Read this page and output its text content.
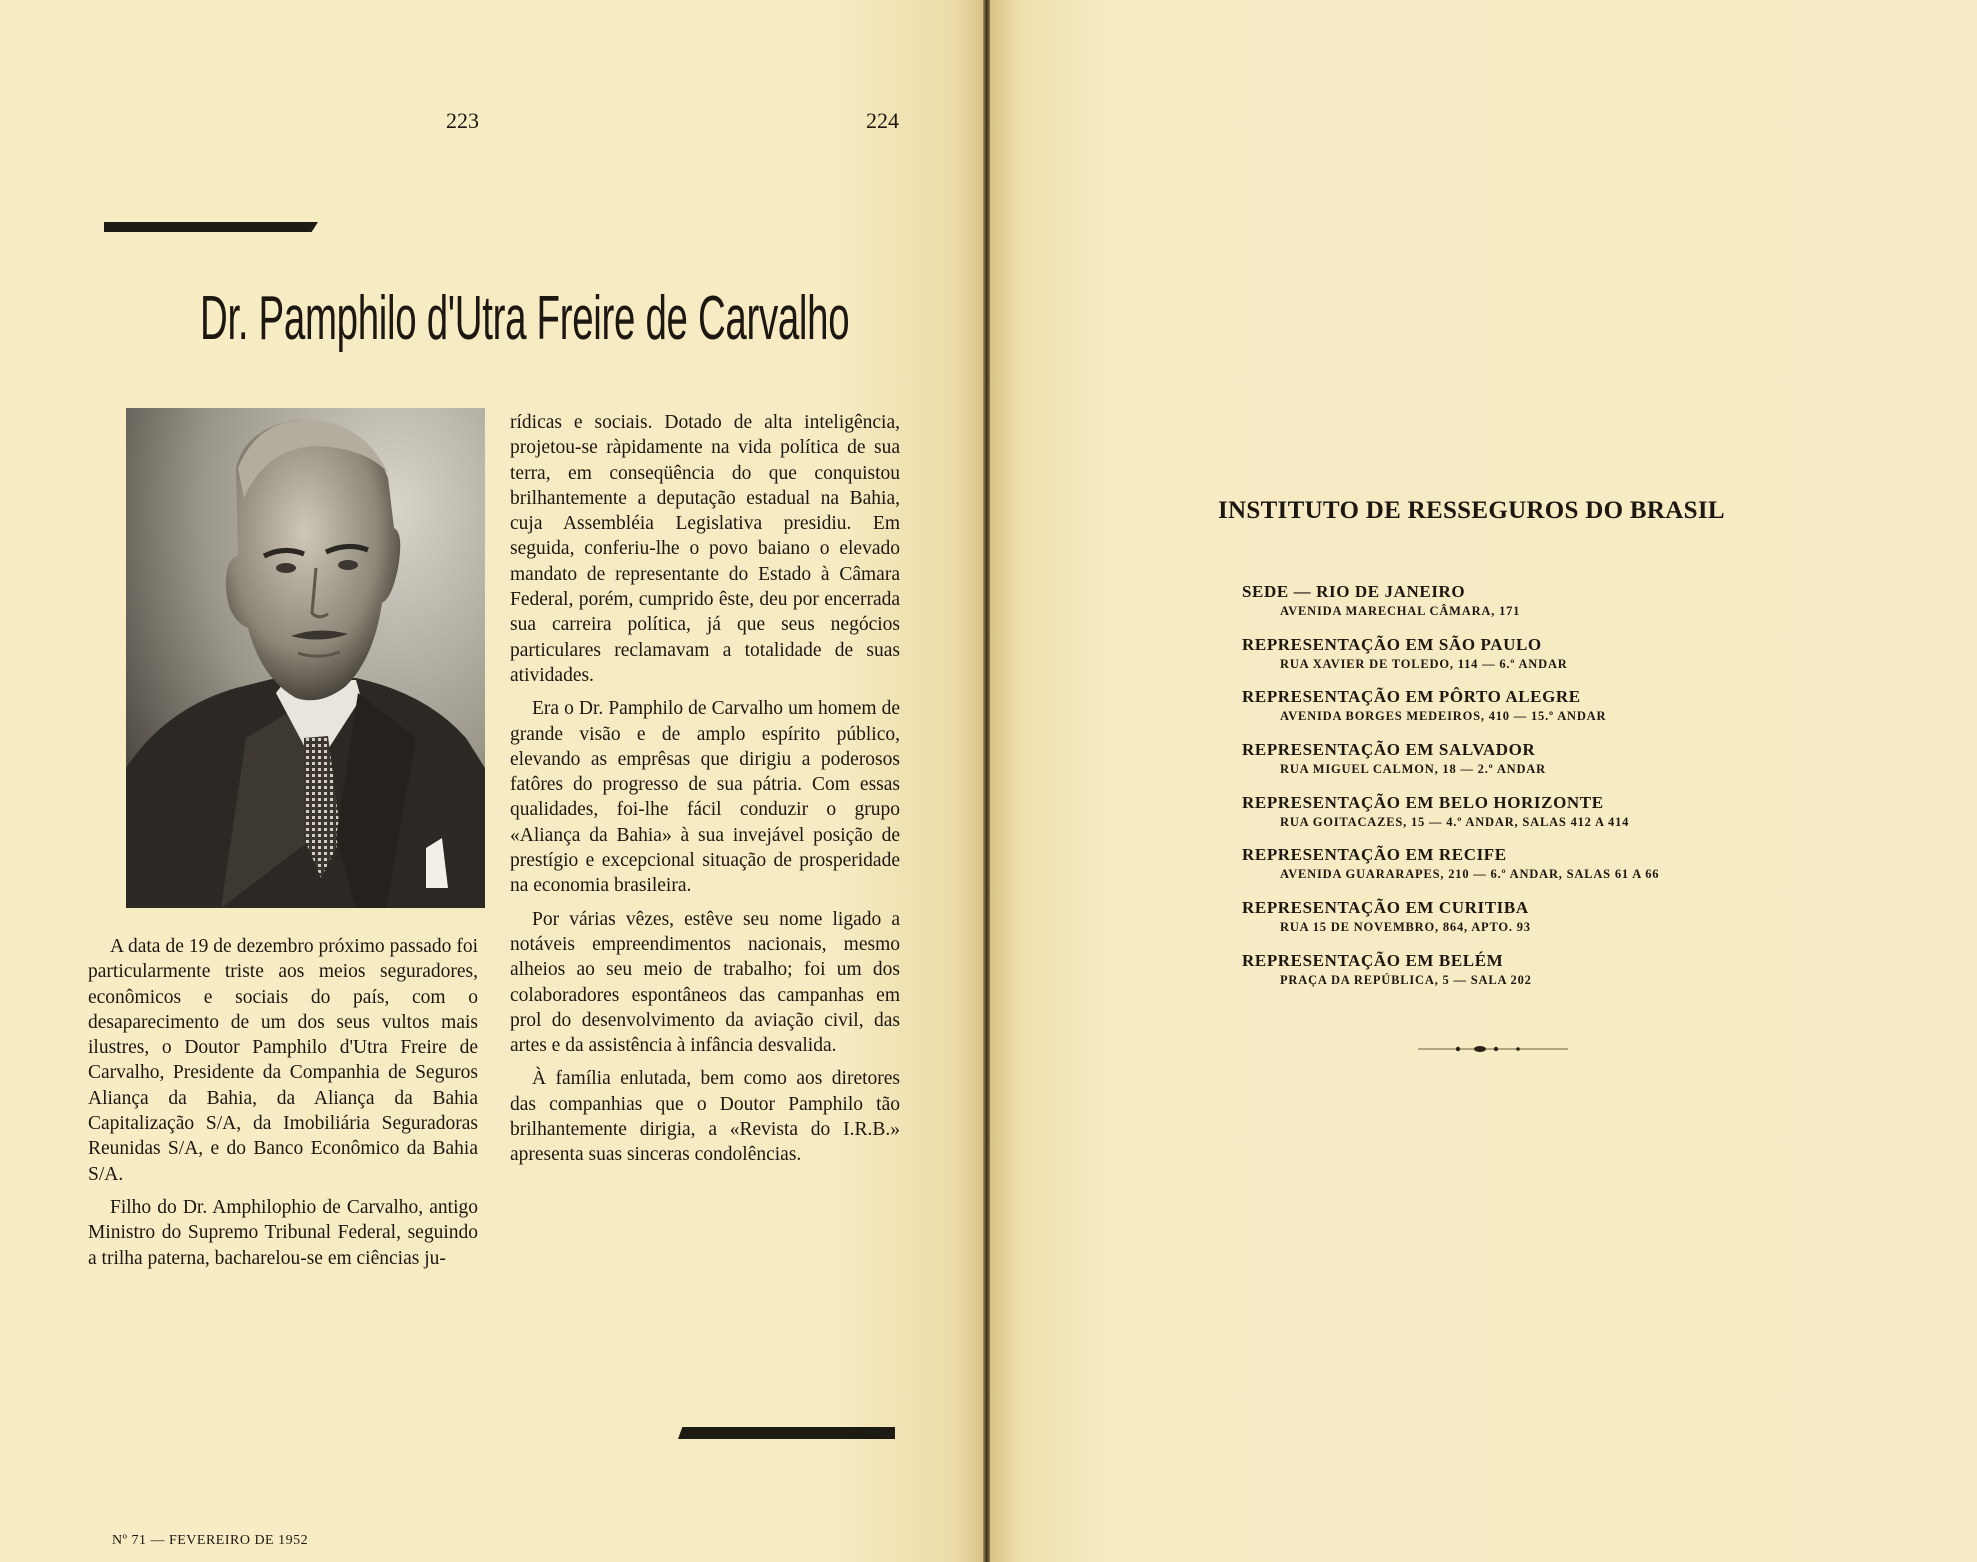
223	224
Dr. Pamphilo d'Utra Freire de Carvalho

A data de 19 de dezembro próximo passado foi particularmente triste aos meios seguradores, econômicos e sociais do país, com o desaparecimento de um dos seus vultos mais ilustres, o Doutor Pamphilo d'Utra Freire de Carvalho, Presidente da Companhia de Seguros Aliança da Bahia, da Aliança da Bahia Capitalização S/A, da Imobiliária Seguradoras Reunidas S/A, e do Banco Econômico da Bahia S/A.

Filho do Dr. Amphilophio de Carvalho, antigo Ministro do Supremo Tribunal Federal, seguindo a trilha paterna, bacharelou-se em ciências ju-

rídicas e sociais. Dotado de alta inteligência, projetou-se ràpidamente na vida política de sua terra, em conseqüência do que conquistou brilhantemente a deputação estadual na Bahia, cuja Assembléia Legislativa presidiu. Em seguida, conferiu-lhe o povo baiano o elevado mandato de representante do Estado à Câmara Federal, porém, cumprido êste, deu por encerrada sua carreira política, já que seus negócios particulares reclamavam a totalidade de suas atividades.

Era o Dr. Pamphilo de Carvalho um homem de grande visão e de amplo espírito público, elevando as emprêsas que dirigiu a poderosos fatôres do progresso de sua pátria. Com essas qualidades, foi-lhe fácil conduzir o grupo «Aliança da Bahia» à sua invejável posição de prestígio e excepcional situação de prosperidade na economia brasileira.

Por várias vêzes, estêve seu nome ligado a notáveis empreendimentos nacionais, mesmo alheios ao seu meio de trabalho; foi um dos colaboradores espontâneos das campanhas em prol do desenvolvimento da aviação civil, das artes e da assistência à infância desvalida.

À família enlutada, bem como aos diretores das companhias que o Doutor Pamphilo tão brilhantemente dirigia, a «Revista do I.R.B.» apresenta suas sinceras condolências.

Nº 71 — FEVEREIRO DE 1952
INSTITUTO DE RESSEGUROS DO BRASIL
SEDE — RIO DE JANEIRO
AVENIDA MARECHAL CÂMARA, 171
REPRESENTAÇÃO EM SÃO PAULO
RUA XAVIER DE TOLEDO, 114 — 6.º ANDAR
REPRESENTAÇÃO EM PÔRTO ALEGRE
AVENIDA BORGES MEDEIROS, 410 — 15.º ANDAR
REPRESENTAÇÃO EM SALVADOR
RUA MIGUEL CALMON, 18 — 2.º ANDAR
REPRESENTAÇÃO EM BELO HORIZONTE
RUA GOITACAZES, 15 — 4.º ANDAR, SALAS 412 A 414
REPRESENTAÇÃO EM RECIFE
AVENIDA GUARARAPES, 210 — 6.º ANDAR, SALAS 61 A 66
REPRESENTAÇÃO EM CURITIBA
RUA 15 DE NOVEMBRO, 864, APTO. 93
REPRESENTAÇÃO EM BELÉM
PRAÇA DA REPÚBLICA, 5 — SALA 202
